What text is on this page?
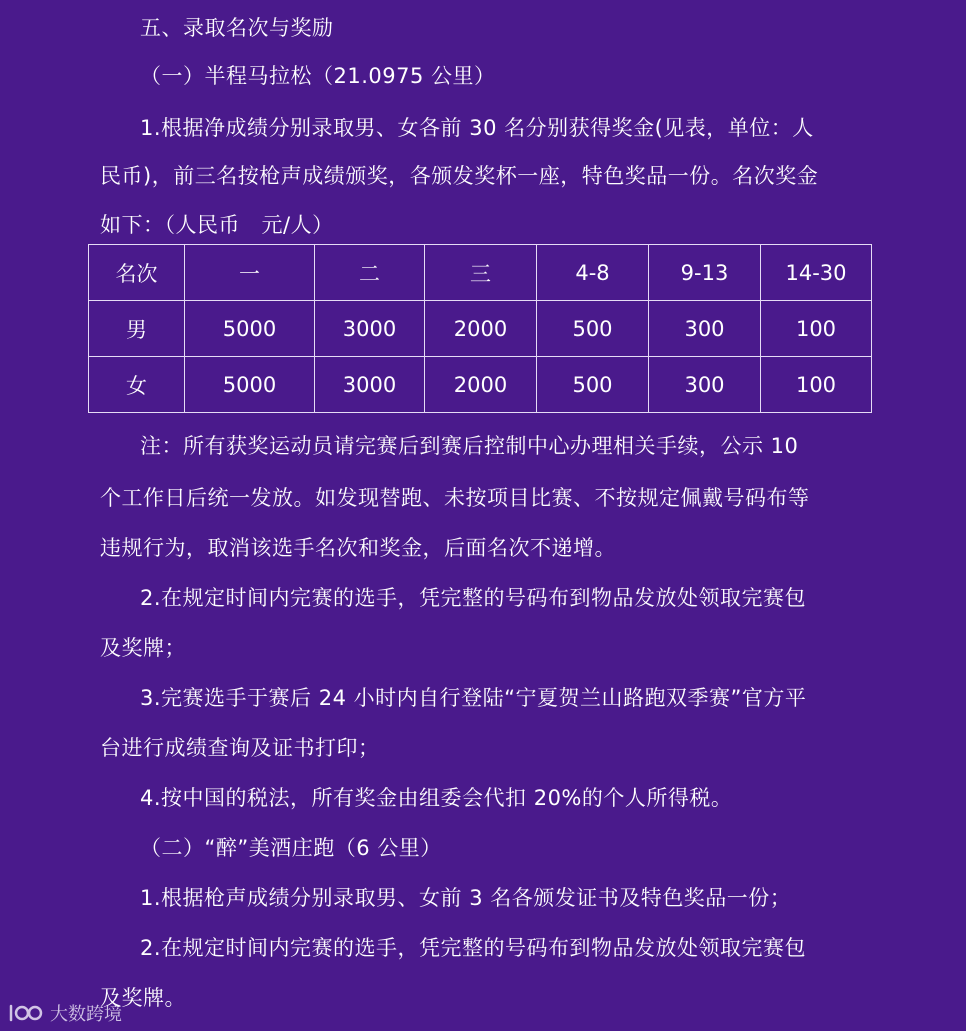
五、录取名次与奖励
（一）半程马拉松（21.0975 公里）
1.根据净成绩分别录取男、女各前 30 名分别获得奖金(见表，单位：人
民币)，前三名按枪声成绩颁奖，各颁发奖杯一座，特色奖品一份。名次奖金
如下：（人民币　元/人）
名次	一	二	三	4-8	9-13	14-30
男	5000	3000	2000	500	300	100
女	5000	3000	2000	500	300	100
注：所有获奖运动员请完赛后到赛后控制中心办理相关手续，公示 10
个工作日后统一发放。如发现替跑、未按项目比赛、不按规定佩戴号码布等
违规行为，取消该选手名次和奖金，后面名次不递增。
2.在规定时间内完赛的选手，凭完整的号码布到物品发放处领取完赛包
及奖牌；
3.完赛选手于赛后 24 小时内自行登陆“宁夏贺兰山路跑双季赛”官方平
台进行成绩查询及证书打印；
4.按中国的税法，所有奖金由组委会代扣 20%的个人所得税。
（二）“醉”美酒庄跑（6 公里）
1.根据枪声成绩分别录取男、女前 3 名各颁发证书及特色奖品一份；
2.在规定时间内完赛的选手，凭完整的号码布到物品发放处领取完赛包
及奖牌。
大数跨境
